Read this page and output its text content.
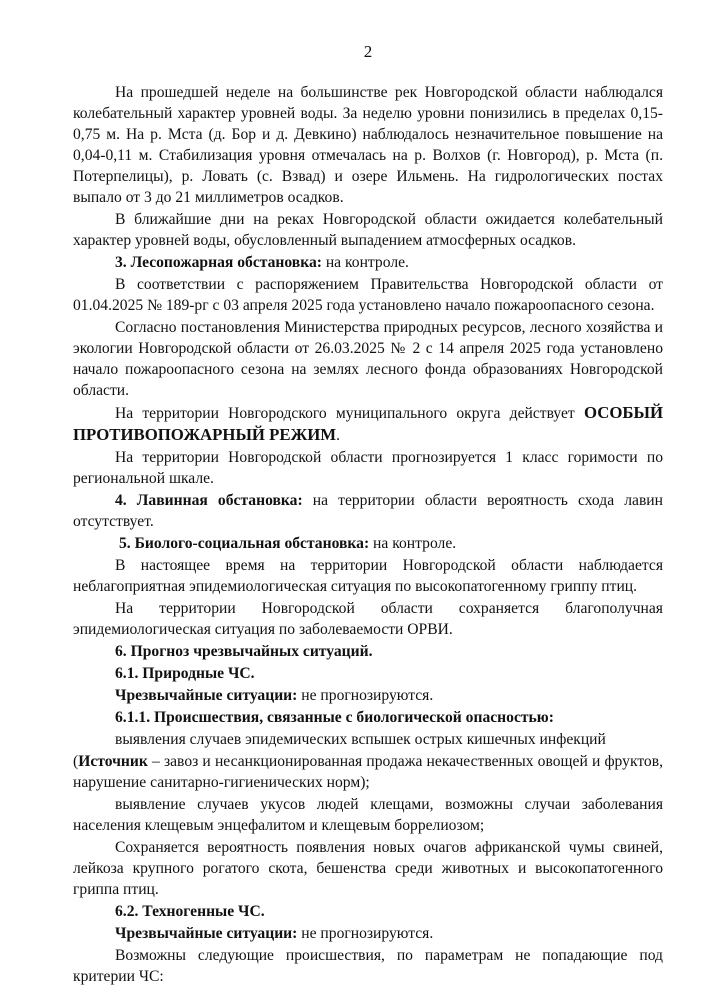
2

На прошедшей неделе на большинстве рек Новгородской области наблюдался колебательный характер уровней воды. За неделю уровни понизились в пределах 0,15-0,75 м. На р. Мста (д. Бор и д. Девкино) наблюдалось незначительное повышение на 0,04-0,11 м. Стабилизация уровня отмечалась на р. Волхов (г. Новгород), р. Мста (п. Потерпелицы), р. Ловать (с. Взвад) и озере Ильмень. На гидрологических постах выпало от 3 до 21 миллиметров осадков.

В ближайшие дни на реках Новгородской области ожидается колебательный характер уровней воды, обусловленный выпадением атмосферных осадков.

3. Лесопожарная обстановка: на контроле.

В соответствии с распоряжением Правительства Новгородской области от 01.04.2025 № 189-рг с 03 апреля 2025 года установлено начало пожароопасного сезона.

Согласно постановления Министерства природных ресурсов, лесного хозяйства и экологии Новгородской области от 26.03.2025 № 2 с 14 апреля 2025 года установлено начало пожароопасного сезона на землях лесного фонда образованиях Новгородской области.

На территории Новгородского муниципального округа действует ОСОБЫЙ ПРОТИВОПОЖАРНЫЙ РЕЖИМ.

На территории Новгородской области прогнозируется 1 класс горимости по региональной шкале.

4. Лавинная обстановка: на территории области вероятность схода лавин отсутствует.

5. Биолого-социальная обстановка: на контроле.

В настоящее время на территории Новгородской области наблюдается неблагоприятная эпидемиологическая ситуация по высокопатогенному гриппу птиц.

На территории Новгородской области сохраняется благополучная эпидемиологическая ситуация по заболеваемости ОРВИ.

6. Прогноз чрезвычайных ситуаций.

6.1. Природные ЧС.

Чрезвычайные ситуации: не прогнозируются.

6.1.1. Происшествия, связанные с биологической опасностью:

выявления случаев эпидемических вспышек острых кишечных инфекций

(Источник – завоз и несанкционированная продажа некачественных овощей и фруктов, нарушение санитарно-гигиенических норм);

выявление случаев укусов людей клещами, возможны случаи заболевания населения клещевым энцефалитом и клещевым боррелиозом;

Сохраняется вероятность появления новых очагов африканской чумы свиней, лейкоза крупного рогатого скота, бешенства среди животных и высокопатогенного гриппа птиц.

6.2. Техногенные ЧС.

Чрезвычайные ситуации: не прогнозируются.

Возможны следующие происшествия, по параметрам не попадающие под критерии ЧС:
